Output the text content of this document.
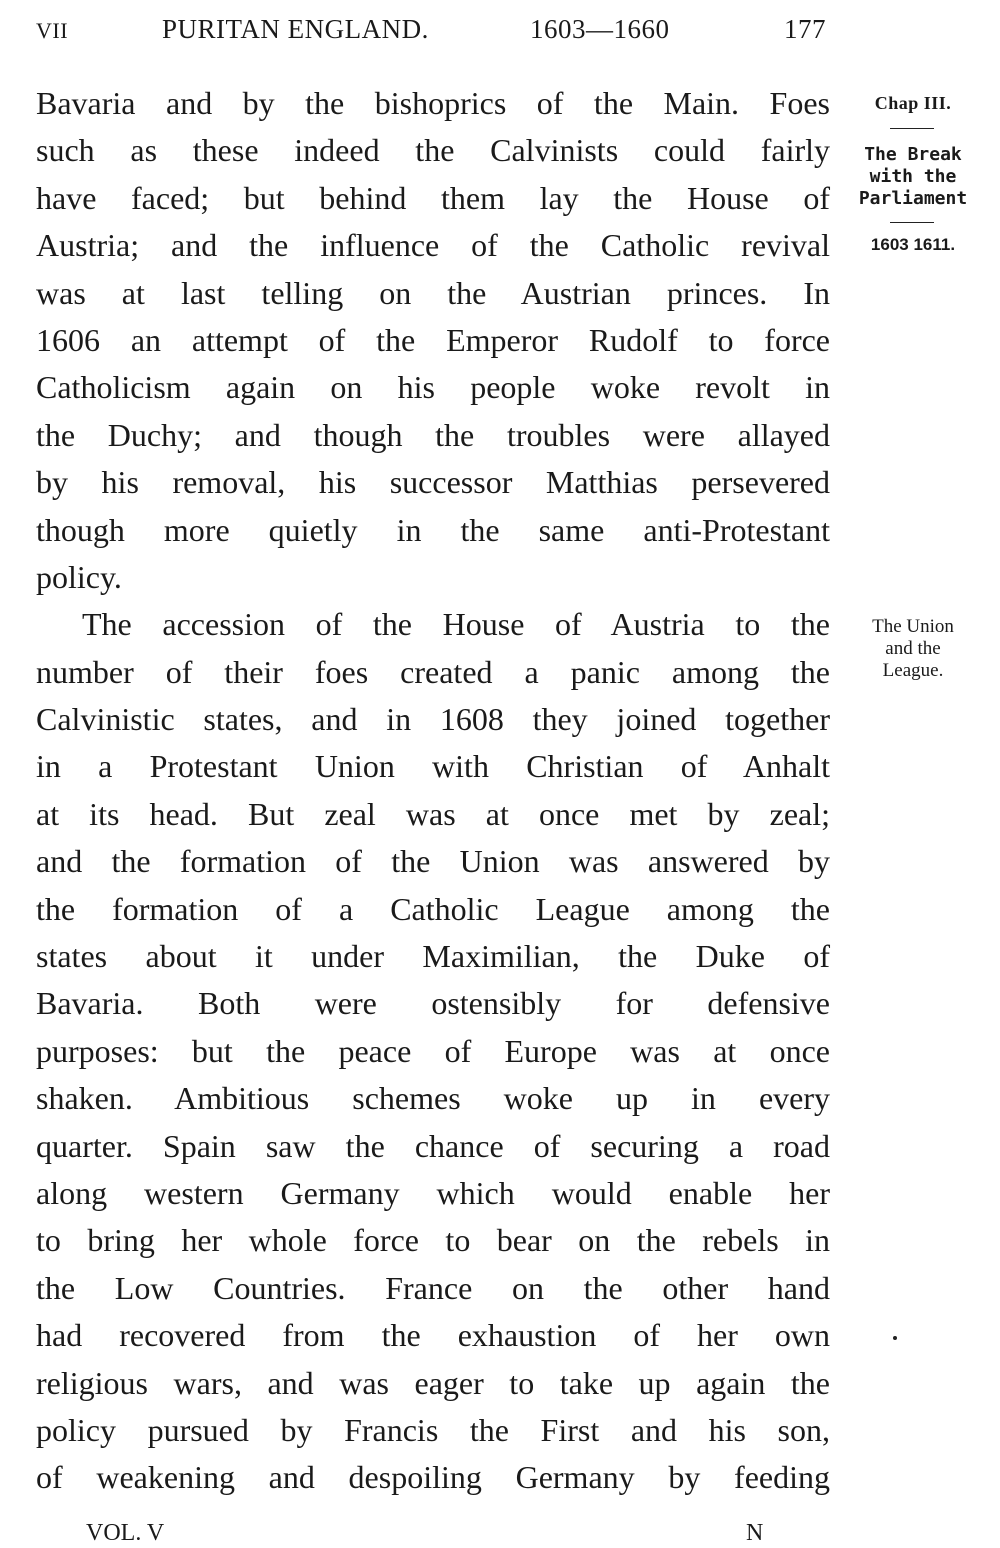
VII	PURITAN ENGLAND.	1603—1660	177
Bavaria and by the bishoprics of the Main. Foes
such as these indeed the Calvinists could fairly
have faced; but behind them lay the House of
Austria; and the influence of the Catholic revival
was at last telling on the Austrian princes. In
1606 an attempt of the Emperor Rudolf to force
Catholicism again on his people woke revolt in
the Duchy; and though the troubles were allayed
by his removal, his successor Matthias persevered
though more quietly in the same anti-Protestant
policy.
The accession of the House of Austria to the
number of their foes created a panic among the
Calvinistic states, and in 1608 they joined together
in a Protestant Union with Christian of Anhalt
at its head. But zeal was at once met by zeal;
and the formation of the Union was answered by
the formation of a Catholic League among the
states about it under Maximilian, the Duke of
Bavaria. Both were ostensibly for defensive
purposes: but the peace of Europe was at once
shaken. Ambitious schemes woke up in every
quarter. Spain saw the chance of securing a road
along western Germany which would enable her
to bring her whole force to bear on the rebels in
the Low Countries. France on the other hand
had recovered from the exhaustion of her own
religious wars, and was eager to take up again the
policy pursued by Francis the First and his son,
of weakening and despoiling Germany by feeding
Chap III.
The Break
with the
Parliament
1603 1611.
The Union
and the
League.
VOL. V	N
